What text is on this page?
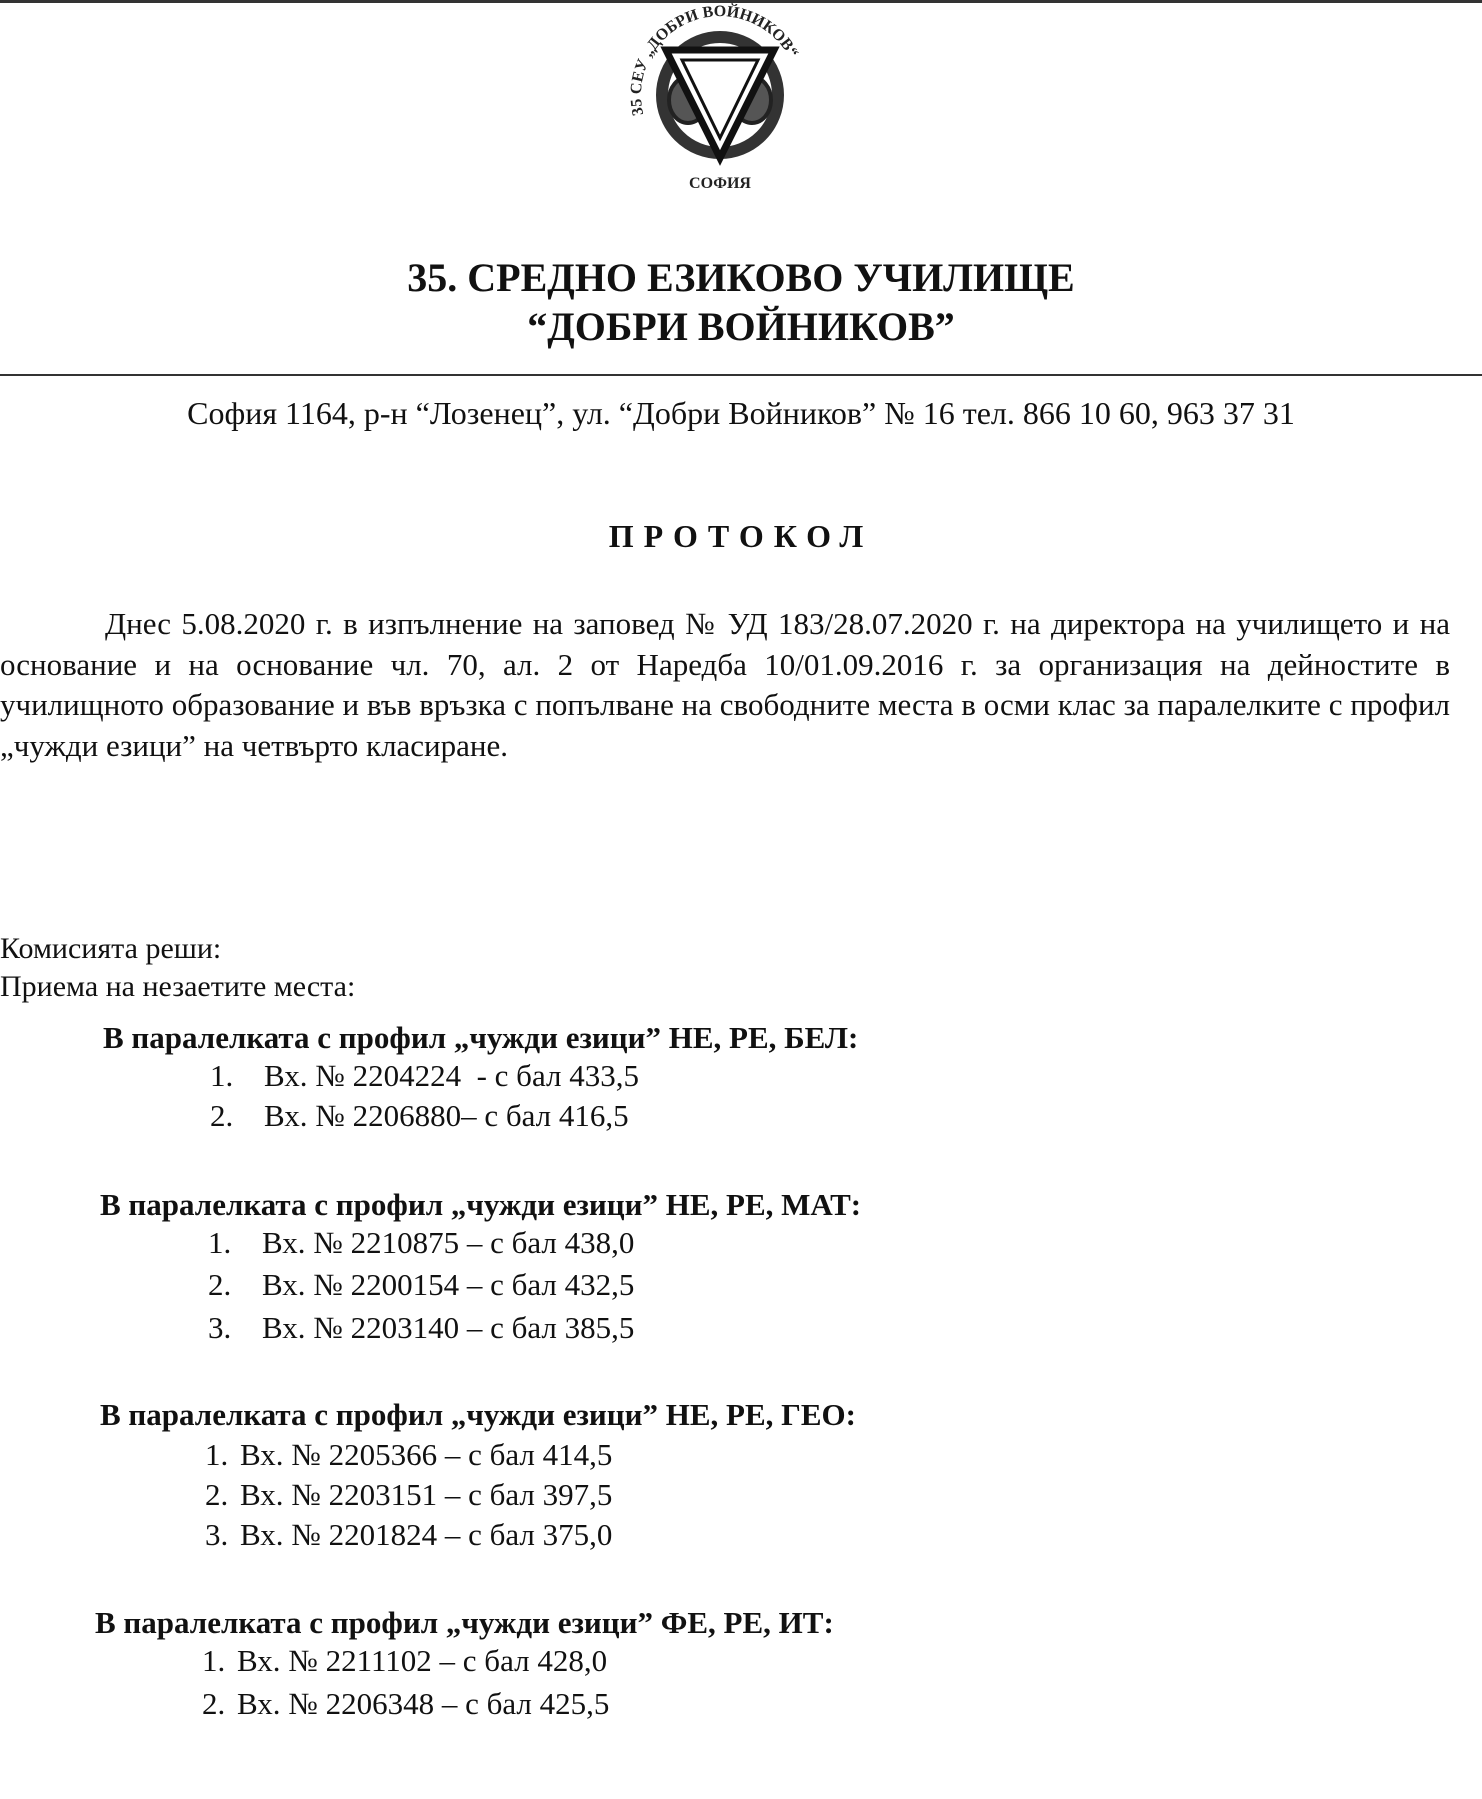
35 СЕУ „ДОБРИ ВОЙНИКОВ“
СОФИЯ
35. СРЕДНО ЕЗИКОВО УЧИЛИЩЕ
“ДОБРИ ВОЙНИКОВ”
София 1164, р-н “Лозенец”, ул. “Добри Войников” № 16 тел. 866 10 60, 963 37 31
ПРОТОКОЛ
Днес 5.08.2020 г. в изпълнение на заповед № УД 183/28.07.2020 г. на директора на училището и на основание и на основание чл. 70, ал. 2 от Наредба 10/01.09.2016 г. за организация на дейностите в училищното образование и във връзка с попълване на свободните места в осми клас за паралелките с профил „чужди езици” на четвърто класиране.
Комисията реши:
Приема на незаетите места:
В паралелката с профил „чужди езици” НЕ, РЕ, БЕЛ:
1. Вх. № 2204224  - с бал 433,5
2. Вх. № 2206880– с бал 416,5
В паралелката с профил „чужди езици” НЕ, РЕ, МАТ:
1. Вх. № 2210875 – с бал 438,0
2. Вх. № 2200154 – с бал 432,5
3. Вх. № 2203140 – с бал 385,5
В паралелката с профил „чужди езици” НЕ, РЕ, ГЕО:
1. Вх. № 2205366 – с бал 414,5
2. Вх. № 2203151 – с бал 397,5
3. Вх. № 2201824 – с бал 375,0
В паралелката с профил „чужди езици” ФЕ, РЕ, ИТ:
1. Вх. № 2211102 – с бал 428,0
2. Вх. № 2206348 – с бал 425,5
